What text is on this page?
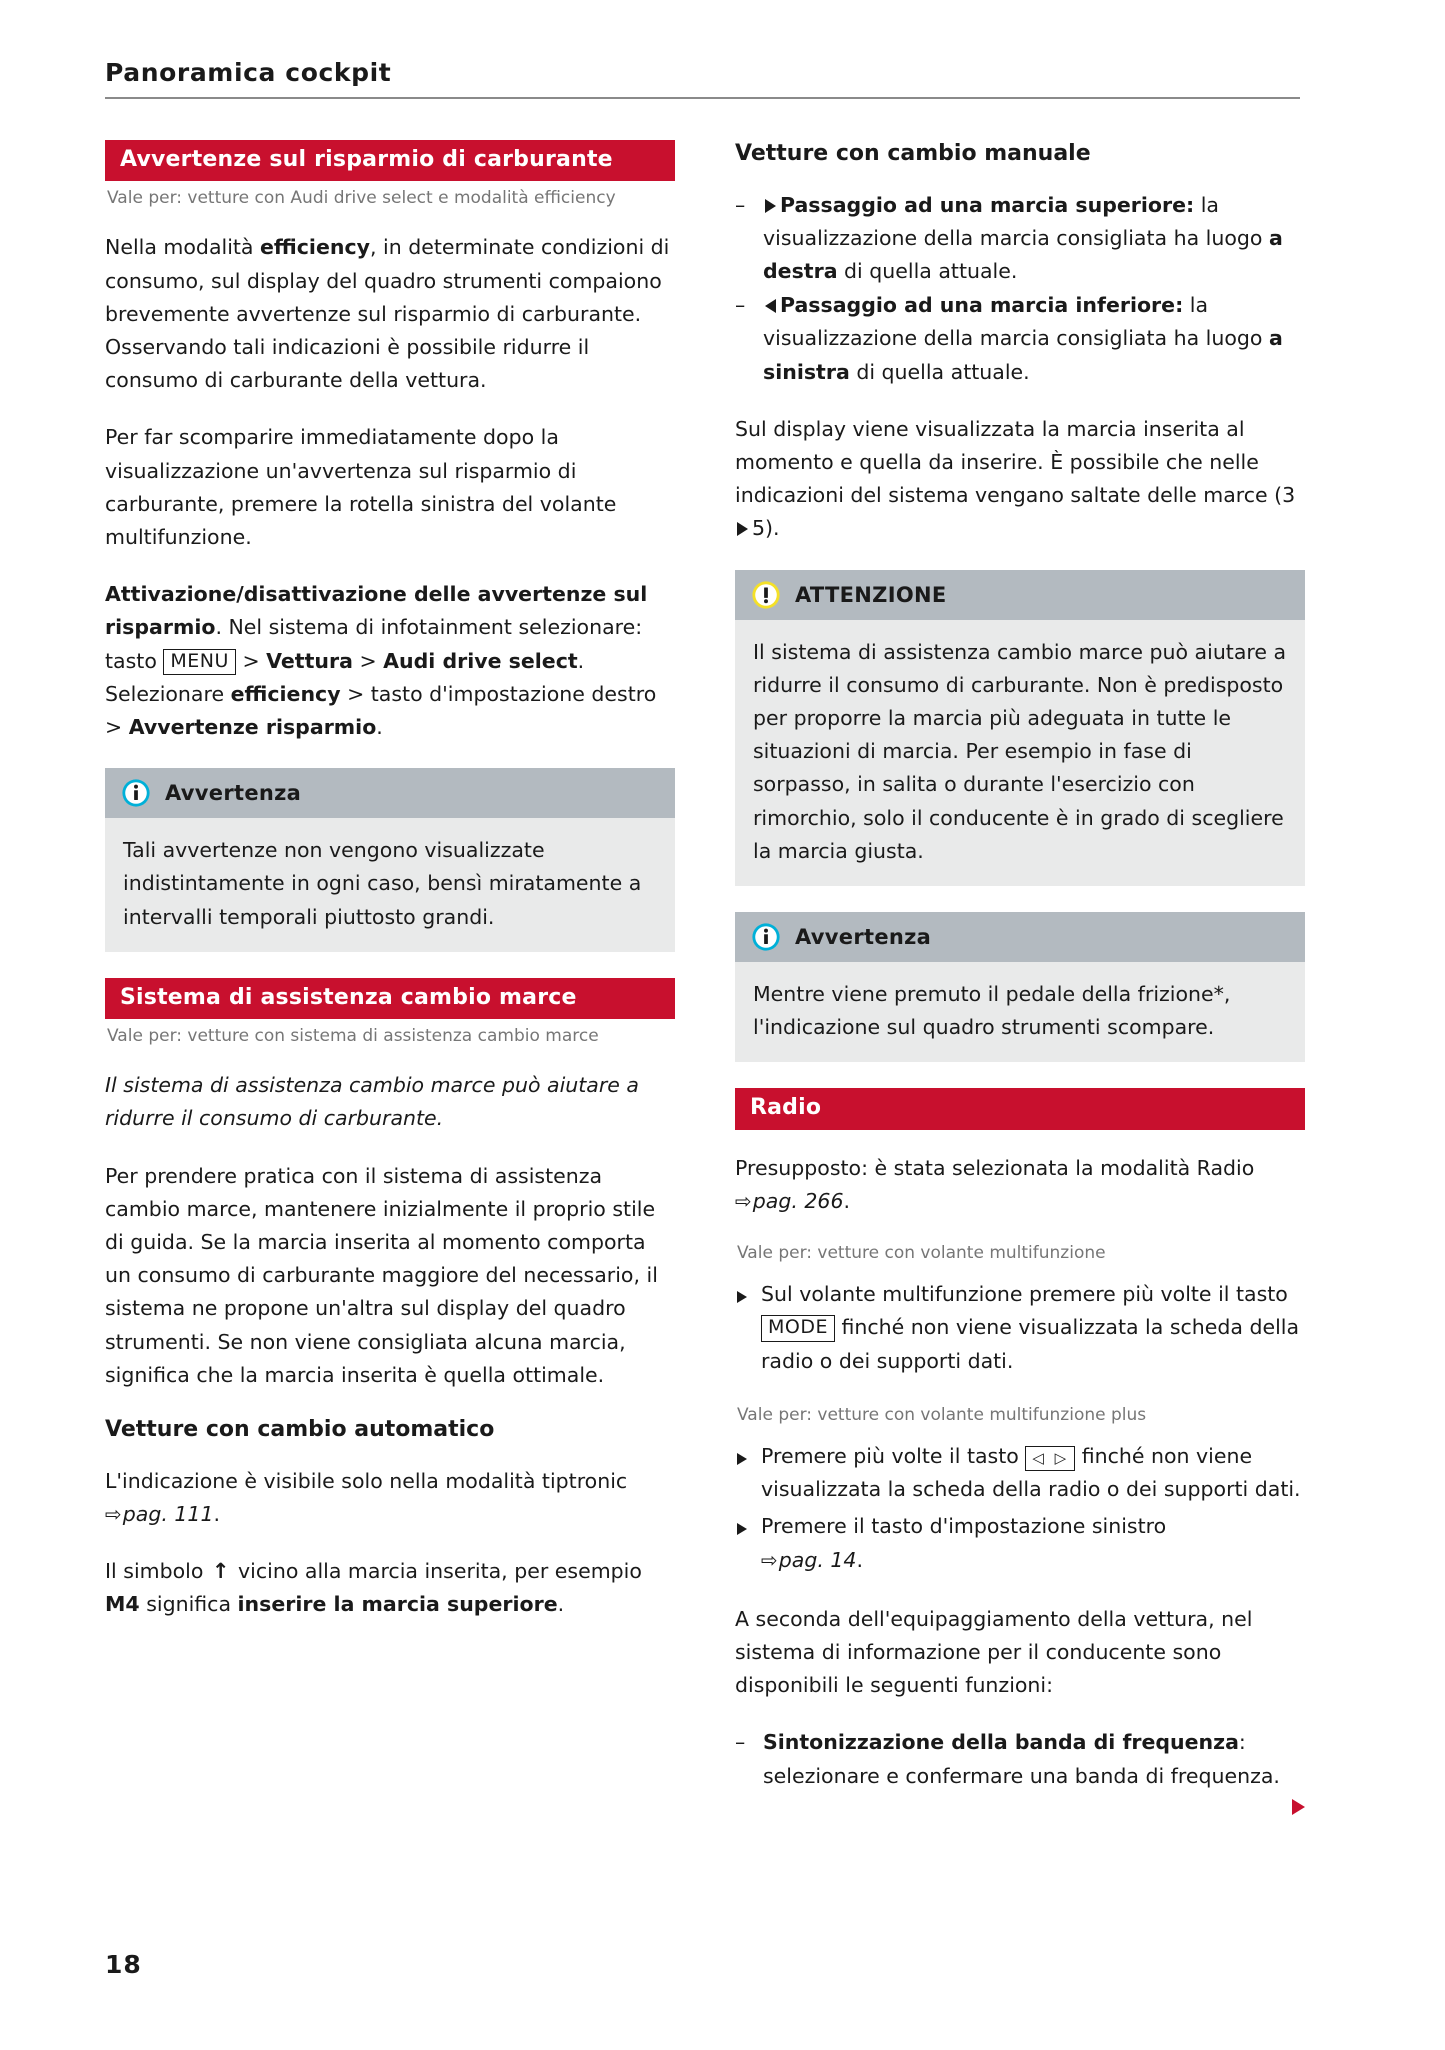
Panoramica cockpit
Avvertenze sul risparmio di carburante
Vale per: vetture con Audi drive select e modalità efficiency

Nella modalità efficiency, in determinate condizioni di consumo, sul display del quadro strumenti compaiono brevemente avvertenze sul risparmio di carburante. Osservando tali indicazioni è possibile ridurre il consumo di carburante della vettura.

Per far scomparire immediatamente dopo la visualizzazione un'avvertenza sul risparmio di carburante, premere la rotella sinistra del volante multifunzione.

Attivazione/disattivazione delle avvertenze sul risparmio. Nel sistema di infotainment selezionare: tasto MENU > Vettura > Audi drive select. Selezionare efficiency > tasto d'impostazione destro > Avvertenze risparmio.

Avvertenza

Tali avvertenze non vengono visualizzate indistintamente in ogni caso, bensì miratamente a intervalli temporali piuttosto grandi.

Sistema di assistenza cambio marce
Vale per: vetture con sistema di assistenza cambio marce

Il sistema di assistenza cambio marce può aiutare a ridurre il consumo di carburante.

Per prendere pratica con il sistema di assistenza cambio marce, mantenere inizialmente il proprio stile di guida. Se la marcia inserita al momento comporta un consumo di carburante maggiore del necessario, il sistema ne propone un'altra sul display del quadro strumenti. Se non viene consigliata alcuna marcia, significa che la marcia inserita è quella ottimale.

Vetture con cambio automatico

L'indicazione è visibile solo nella modalità tiptronic ⇨pag. 111.

Il simbolo ↑ vicino alla marcia inserita, per esempio M4 significa inserire la marcia superiore.

Vetture con cambio manuale
– Passaggio ad una marcia superiore: la visualizzazione della marcia consigliata ha luogo a destra di quella attuale.
– Passaggio ad una marcia inferiore: la visualizzazione della marcia consigliata ha luogo a sinistra di quella attuale.

Sul display viene visualizzata la marcia inserita al momento e quella da inserire. È possibile che nelle indicazioni del sistema vengano saltate delle marce (35).

ATTENZIONE

Il sistema di assistenza cambio marce può aiutare a ridurre il consumo di carburante. Non è predisposto per proporre la marcia più adeguata in tutte le situazioni di marcia. Per esempio in fase di sorpasso, in salita o durante l'esercizio con rimorchio, solo il conducente è in grado di scegliere la marcia giusta.

Avvertenza

Mentre viene premuto il pedale della frizione*, l'indicazione sul quadro strumenti scompare.

Radio

Presupposto: è stata selezionata la modalità Radio ⇨pag. 266.

Vale per: vetture con volante multifunzione
Sul volante multifunzione premere più volte il tasto MODE finché non viene visualizzata la scheda della radio o dei supporti dati.
Vale per: vetture con volante multifunzione plus
Premere più volte il tasto ◁ ▷ finché non viene visualizzata la scheda della radio o dei supporti dati.
Premere il tasto d'impostazione sinistro
⇨pag. 14.

A seconda dell'equipaggiamento della vettura, nel sistema di informazione per il conducente sono disponibili le seguenti funzioni:

– Sintonizzazione della banda di frequenza: selezionare e confermare una banda di frequenza.
18
